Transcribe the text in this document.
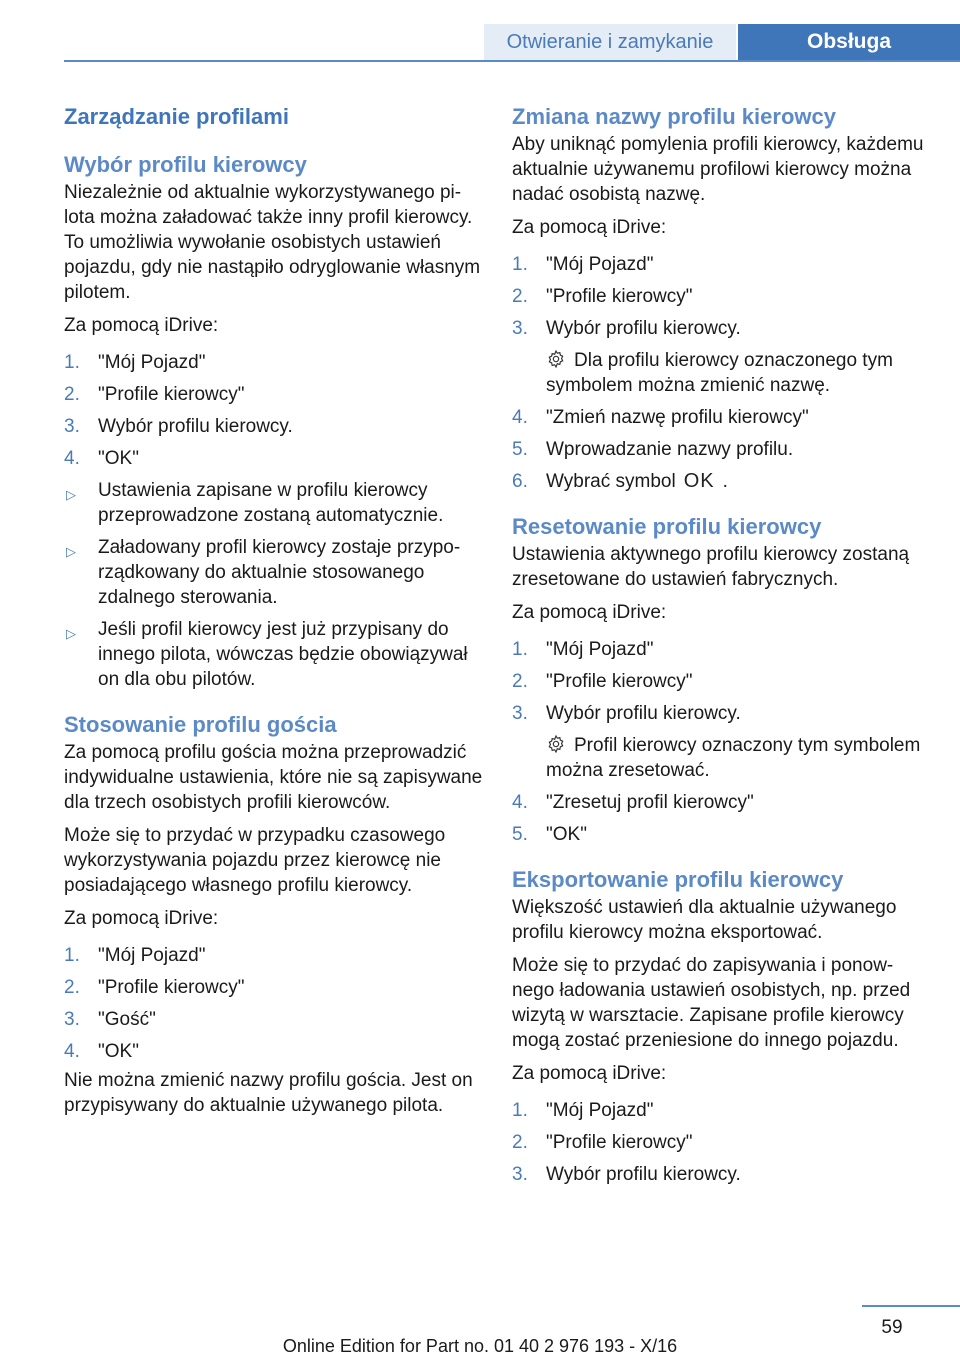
Otwieranie i zamykanie	Obsługa
Zarządzanie profilami
Wybór profilu kierowcy
Niezależnie od aktualnie wykorzystywanego pilota można załadować także inny profil kierowcy. To umożliwia wywołanie osobistych ustawień pojazdu, gdy nie nastąpiło odryglowanie własnym pilotem.
Za pomocą iDrive:
1. "Mój Pojazd"
2. "Profile kierowcy"
3. Wybór profilu kierowcy.
4. "OK"
▷ Ustawienia zapisane w profilu kierowcy przeprowadzone zostaną automatycznie.
▷ Załadowany profil kierowcy zostaje przyporządkowany do aktualnie stosowanego zdalnego sterowania.
▷ Jeśli profil kierowcy jest już przypisany do innego pilota, wówczas będzie obowiązywał on dla obu pilotów.
Stosowanie profilu gościa
Za pomocą profilu gościa można przeprowadzić indywidualne ustawienia, które nie są zapisywane dla trzech osobistych profili kierowców.
Może się to przydać w przypadku czasowego wykorzystywania pojazdu przez kierowcę nie posiadającego własnego profilu kierowcy.
Za pomocą iDrive:
1. "Mój Pojazd"
2. "Profile kierowcy"
3. "Gość"
4. "OK"
Nie można zmienić nazwy profilu gościa. Jest on przypisywany do aktualnie używanego pilota.
Zmiana nazwy profilu kierowcy
Aby uniknąć pomylenia profili kierowcy, każdemu aktualnie używanemu profilowi kierowcy można nadać osobistą nazwę.
Za pomocą iDrive:
1. "Mój Pojazd"
2. "Profile kierowcy"
3. Wybór profilu kierowcy.
Dla profilu kierowcy oznaczonego tym symbolem można zmienić nazwę.
4. "Zmień nazwę profilu kierowcy"
5. Wprowadzanie nazwy profilu.
6. Wybrać symbol OK .
Resetowanie profilu kierowcy
Ustawienia aktywnego profilu kierowcy zostaną zresetowane do ustawień fabrycznych.
Za pomocą iDrive:
1. "Mój Pojazd"
2. "Profile kierowcy"
3. Wybór profilu kierowcy.
Profil kierowcy oznaczony tym symbolem można zresetować.
4. "Zresetuj profil kierowcy"
5. "OK"
Eksportowanie profilu kierowcy
Większość ustawień dla aktualnie używanego profilu kierowcy można eksportować.
Może się to przydać do zapisywania i ponownego ładowania ustawień osobistych, np. przed wizytą w warsztacie. Zapisane profile kierowcy mogą zostać przeniesione do innego pojazdu.
Za pomocą iDrive:
1. "Mój Pojazd"
2. "Profile kierowcy"
3. Wybór profilu kierowcy.
59
Online Edition for Part no. 01 40 2 976 193 - X/16
